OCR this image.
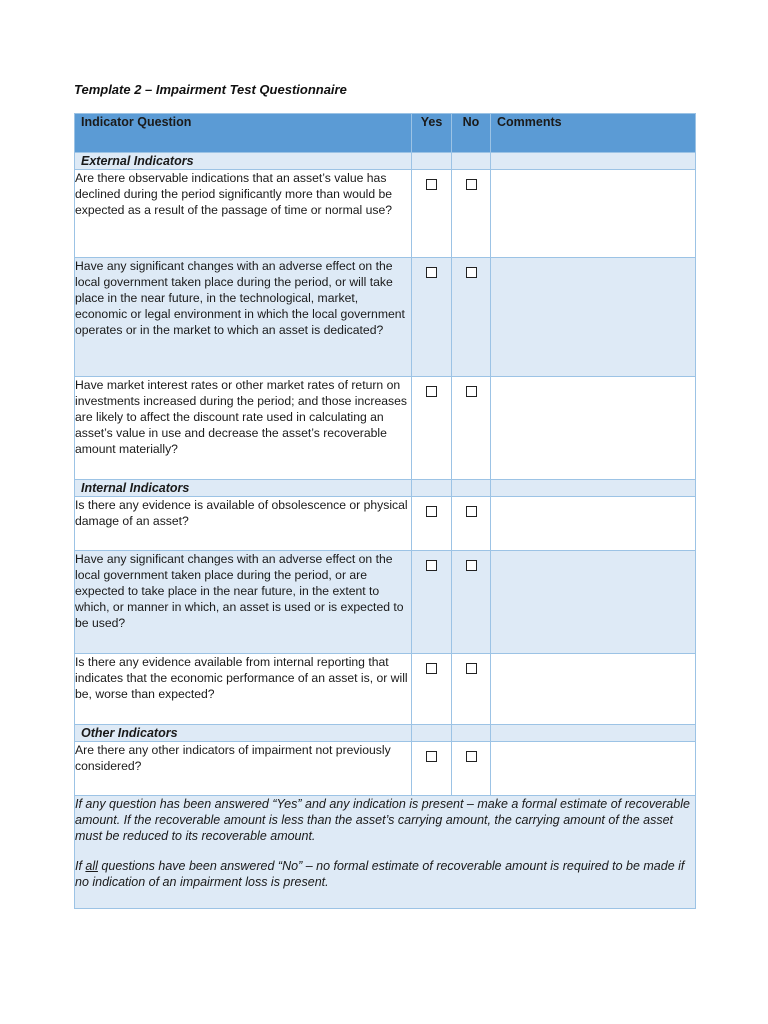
Template 2 – Impairment Test Questionnaire
Indicator Question	Yes	No	Comments
External Indicators			
Are there observable indications that an asset’s value has declined during the period significantly more than would be expected as a result of the passage of time or normal use?	

Have any significant changes with an adverse effect on the local government taken place during the period, or will take place in the near future, in the technological, market, economic or legal environment in which the local government operates or in the market to which an asset is dedicated?	

Have market interest rates or other market rates of return on investments increased during the period; and those increases are likely to affect the discount rate used in calculating an asset’s value in use and decrease the asset’s recoverable amount materially?	

Internal Indicators			
Is there any evidence is available of obsolescence or physical damage of an asset?	

Have any significant changes with an adverse effect on the local government taken place during the period, or are expected to take place in the near future, in the extent to which, or manner in which, an asset is used or is expected to be used?	

Is there any evidence available from internal reporting that indicates that the economic performance of an asset is, or will be, worse than expected?	

Other Indicators			
Are there any other indicators of impairment not previously considered?	

If any question has been answered “Yes” and any indication is present – make a formal estimate of recoverable amount. If the recoverable amount is less than the asset’s carrying amount, the carrying amount of the asset must be reduced to its recoverable amount.

If all questions have been answered “No” – no formal estimate of recoverable amount is required to be made if no indication of an impairment loss is present.			
